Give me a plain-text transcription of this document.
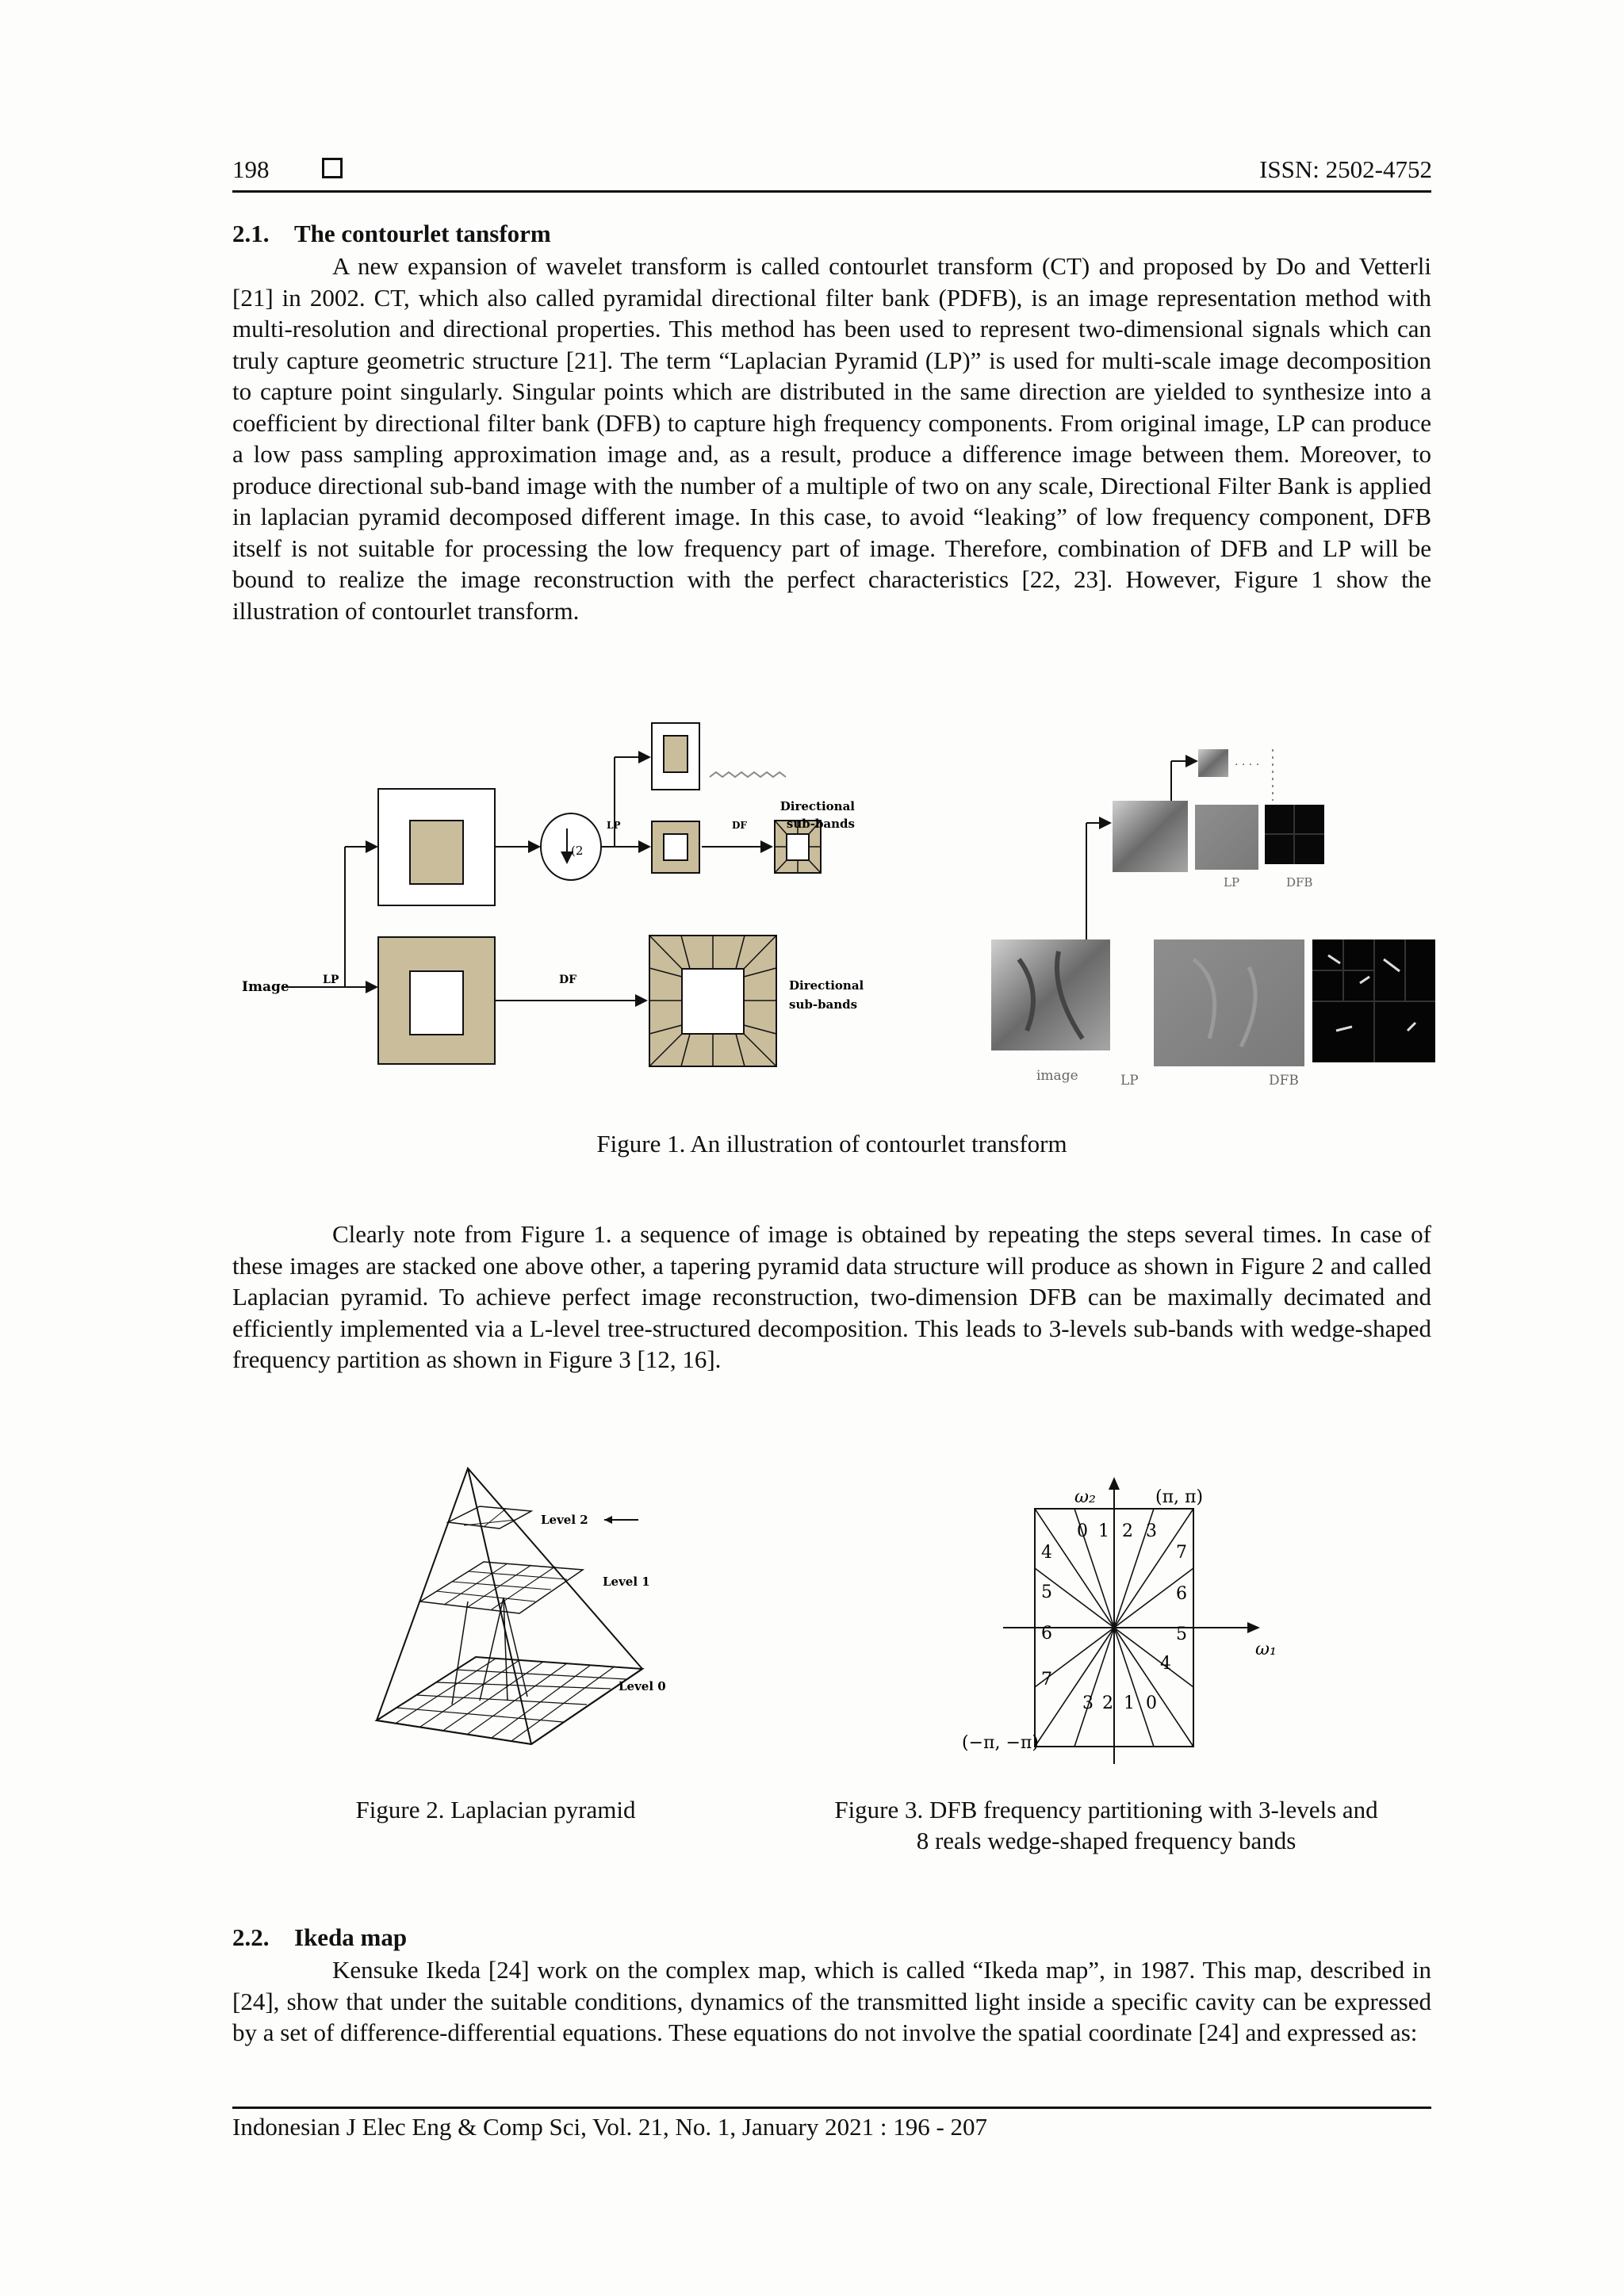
198	ISSN: 2502-4752
2.1. The contourlet tansform

A new expansion of wavelet transform is called contourlet transform (CT) and proposed by Do and Vetterli [21] in 2002. CT, which also called pyramidal directional filter bank (PDFB), is an image representation method with multi-resolution and directional properties. This method has been used to represent two-dimensional signals which can truly capture geometric structure [21]. The term “Laplacian Pyramid (LP)” is used for multi-scale image decomposition to capture point singularly. Singular points which are distributed in the same direction are yielded to synthesize into a coefficient by directional filter bank (DFB) to capture high frequency components. From original image, LP can produce a low pass sampling approximation image and, as a result, produce a difference image between them. Moreover, to produce directional sub-band image with the number of a multiple of two on any scale, Directional Filter Bank is applied in laplacian pyramid decomposed different image. In this case, to avoid “leaking” of low frequency component, DFB itself is not suitable for processing the low frequency part of image. Therefore, combination of DFB and LP will be bound to realize the image reconstruction with the perfect characteristics [22, 23]. However, Figure 1 show the illustration of contourlet transform.

Image	LP
(2
LP	DF
Directional
sub-bands
DF	Directional
sub-bands
. . . .
image	LP	DFB
LP	DFB
Figure 1. An illustration of contourlet transform

Clearly note from Figure 1. a sequence of image is obtained by repeating the steps several times. In case of these images are stacked one above other, a tapering pyramid data structure will produce as shown in Figure 2 and called Laplacian pyramid. To achieve perfect image reconstruction, two-dimension DFB can be maximally decimated and efficiently implemented via a L-level tree-structured decomposition. This leads to 3-levels sub-bands with wedge-shaped frequency partition as shown in Figure 3 [12, 16].

Level 2
Level 1
Level 0
ω₂
ω₁
(π, π)
(−π, −π)
0 1 2 3
4
5
6
7
7
6
5
4
3 2 1 0
Figure 2. Laplacian pyramid	Figure 3. DFB frequency partitioning with 3-levels and
8 reals wedge-shaped frequency bands
2.2. Ikeda map

Kensuke Ikeda [24] work on the complex map, which is called “Ikeda map”, in 1987. This map, described in [24], show that under the suitable conditions, dynamics of the transmitted light inside a specific cavity can be expressed by a set of difference-differential equations. These equations do not involve the spatial coordinate [24] and expressed as:

Indonesian J Elec Eng & Comp Sci, Vol. 21, No. 1, January 2021 : 196 - 207
